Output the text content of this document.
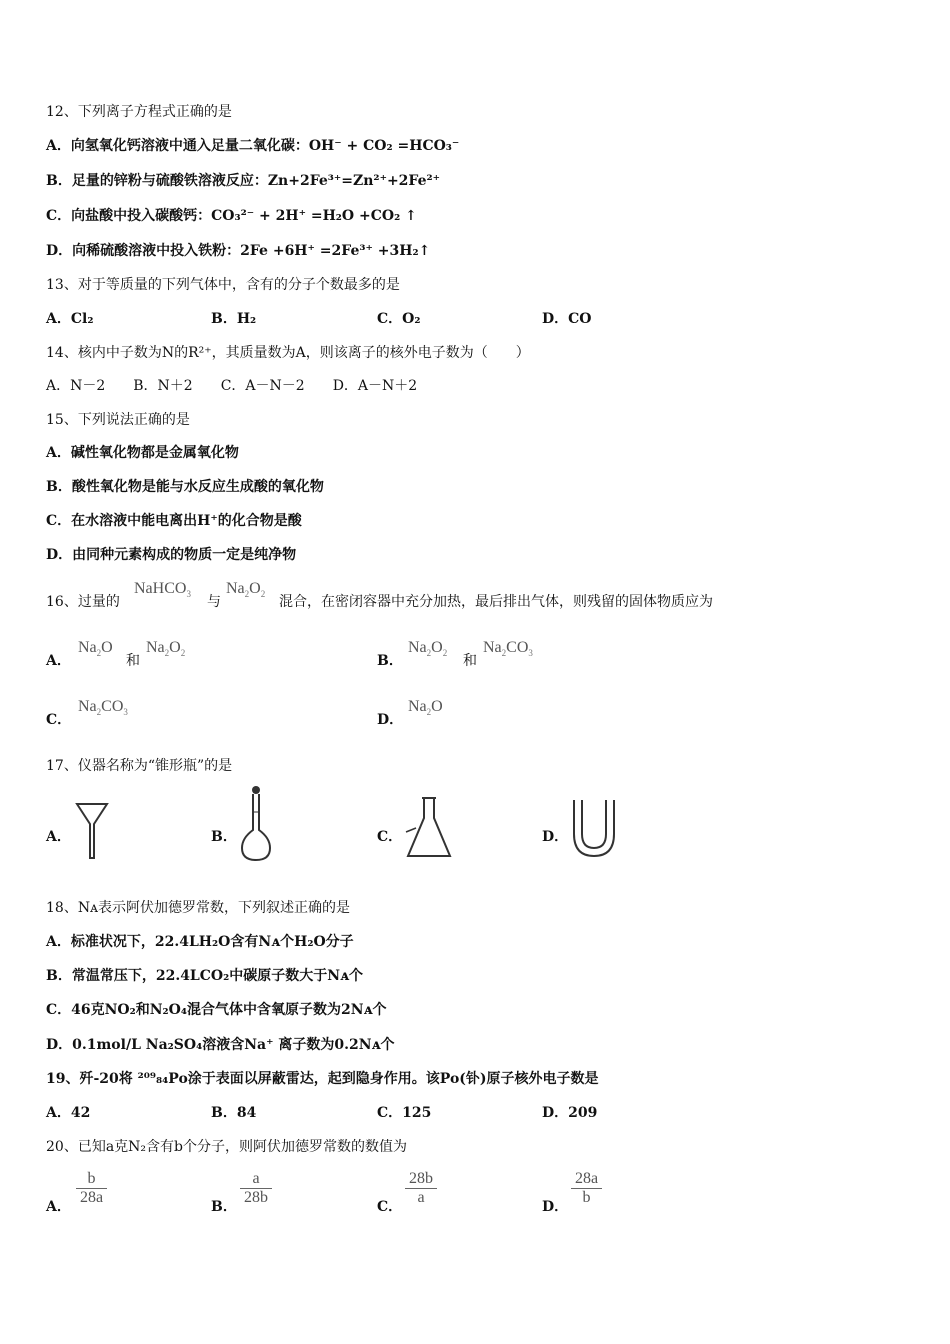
12、下列离子方程式正确的是
A．向氢氧化钙溶液中通入足量二氧化碳：OH⁻ + CO₂ =HCO₃⁻
B．足量的锌粉与硫酸铁溶液反应：Zn+2Fe³⁺=Zn²⁺+2Fe²⁺
C．向盐酸中投入碳酸钙：CO₃²⁻ + 2H⁺ =H₂O +CO₂ ↑
D．向稀硫酸溶液中投入铁粉：2Fe +6H⁺ =2Fe³⁺ +3H₂↑
13、对于等质量的下列气体中，含有的分子个数最多的是
A．Cl₂	B．H₂	C．O₂	D．CO
14、核内中子数为N的R²⁺，其质量数为A，则该离子的核外电子数为（　　）
A．N－2　　B．N＋2　　C．A－N－2　　D．A－N＋2
15、下列说法正确的是
A．碱性氧化物都是金属氧化物
B．酸性氧化物是能与水反应生成酸的氧化物
C．在水溶液中能电离出H⁺的化合物是酸
D．由同种元素构成的物质一定是纯净物
16、过量的
NaHCO$_3$ 与
$Na_2O_2$ 混合，在密闭容器中充分加热，最后排出气体，则残留的固体物质应为
A．
$Na_2O$
和
$Na_2O_2$	B．
$Na_2O_2$ 和
$Na_2CO_3$
C．
$Na_2CO_3$	D．
$Na_2O$
17、仪器名称为“锥形瓶”的是
A．	B．	C．	D．
18、Nᴀ表示阿伏加德罗常数，下列叙述正确的是
A．标准状况下，22.4LH₂O含有Nᴀ个H₂O分子
B．常温常压下，22.4LCO₂中碳原子数大于Nᴀ个
C．46克NO₂和N₂O₄混合气体中含氧原子数为2Nᴀ个
D．0.1mol/L Na₂SO₄溶液含Na⁺ 离子数为0.2Nᴀ个
19、歼-20将 ²⁰⁹₈₄Po涂于表面以屏蔽雷达，起到隐身作用。该Po(钋)原子核外电子数是
A．42	B．84	C．125	D．209
20、已知a克N₂含有b个分子，则阿伏加德罗常数的数值为
A．
b
28a
B．
a
28b
C．
28b
a
D．
28a
b
